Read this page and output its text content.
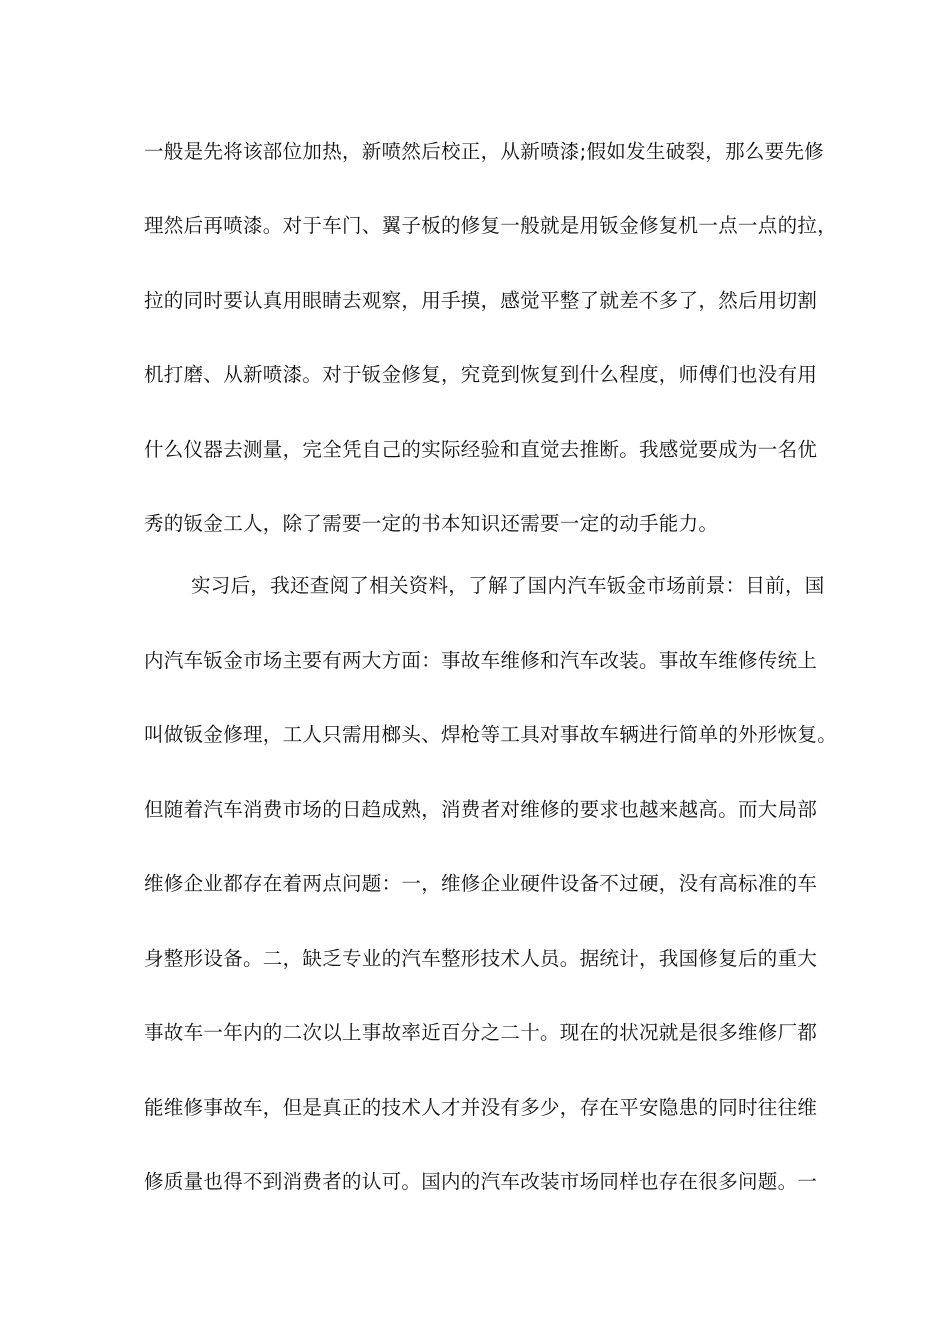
一般是先将该部位加热，新喷然后校正，从新喷漆;假如发生破裂，那么要先修
理然后再喷漆。对于车门、翼子板的修复一般就是用钣金修复机一点一点的拉，
拉的同时要认真用眼睛去观察，用手摸，感觉平整了就差不多了，然后用切割
机打磨、从新喷漆。对于钣金修复，究竟到恢复到什么程度，师傅们也没有用
什么仪器去测量，完全凭自己的实际经验和直觉去推断。我感觉要成为一名优
秀的钣金工人，除了需要一定的书本知识还需要一定的动手能力。
实习后，我还查阅了相关资料，了解了国内汽车钣金市场前景：目前，国
内汽车钣金市场主要有两大方面：事故车维修和汽车改装。事故车维修传统上
叫做钣金修理，工人只需用榔头、焊枪等工具对事故车辆进行简单的外形恢复。
但随着汽车消费市场的日趋成熟，消费者对维修的要求也越来越高。而大局部
维修企业都存在着两点问题：一，维修企业硬件设备不过硬，没有高标准的车
身整形设备。二，缺乏专业的汽车整形技术人员。据统计，我国修复后的重大
事故车一年内的二次以上事故率近百分之二十。现在的状况就是很多维修厂都
能维修事故车，但是真正的技术人才并没有多少，存在平安隐患的同时往往维
修质量也得不到消费者的认可。国内的汽车改装市场同样也存在很多问题。一
